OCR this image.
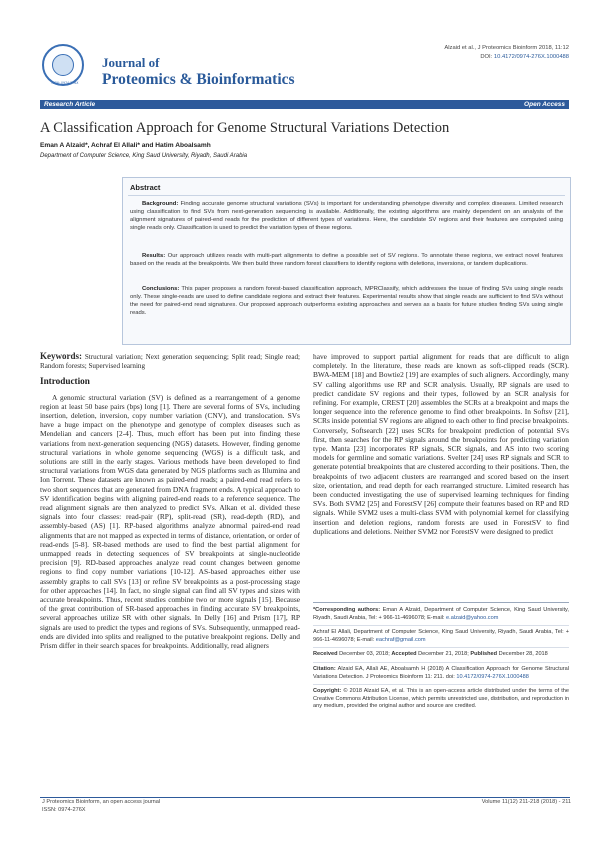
ISSN: 0974-276X
Journal of
Proteomics & Bioinformatics
Alzaid et al., J Proteomics Bioinform 2018, 11:12
DOI: 10.4172/0974-276X.1000488
Research Article	Open Access
A Classification Approach for Genome Structural Variations Detection
Eman A Alzaid*, Achraf El Allali* and Hatim Aboalsamh
Department of Computer Science, King Saud University, Riyadh, Saudi Arabia
Abstract
Background: Finding accurate genome structural variations (SVs) is important for understanding phenotype diversity and complex diseases. Limited research using classification to find SVs from next-generation sequencing is available. Additionally, the existing algorithms are mainly dependent on an analysis of the alignment signatures of paired-end reads for the prediction of different types of variations. Here, the candidate SV regions and their features are computed using single reads only. Classification is used to predict the variation types of these regions.
Results: Our approach utilizes reads with multi-part alignments to define a possible set of SV regions. To annotate these regions, we extract novel features based on the reads at the breakpoints. We then build three random forest classifiers to identify regions with deletions, inversions, or tandem duplications.
Conclusions: This paper proposes a random forest-based classification approach, MPRClassify, which addresses the issue of finding SVs using single reads only. These single-reads are used to define candidate regions and extract their features. Experimental results show that single reads are sufficient to find SVs without the need for paired-end read signatures. Our proposed approach outperforms existing approaches and serves as a basis for future studies finding SVs using single reads.
Keywords: Structural variation; Next generation sequencing; Split read; Single read; Random forests; Supervised learning
Introduction

A genomic structural variation (SV) is defined as a rearrangement of a genome region at least 50 base pairs (bps) long [1]. There are several forms of SVs, including insertion, deletion, inversion, copy number variation (CNV), and translocation. SVs have a huge impact on the phenotype and genotype of complex diseases such as Mendelian and cancers [2-4]. Thus, much effort has been put into finding these variations from next-generation sequencing (NGS) datasets. However, finding genome structural variations in whole genome sequencing (WGS) is a difficult task, and solutions are still in the early stages. Various methods have been developed to find structural variations from WGS data generated by NGS platforms such as Illumina and Ion Torrent. These datasets are known as paired-end reads; a paired-end read refers to two short sequences that are generated from DNA fragment ends. A typical approach to SV identification begins with aligning paired-end reads to a reference sequence. The read alignment signals are then analyzed to predict SVs. Alkan et al. divided these signals into four classes: read-pair (RP), split-read (SR), read-depth (RD), and assembly-based (AS) [1]. RP-based algorithms analyze abnormal paired-end read alignments that are not mapped as expected in terms of distance, orientation, or order of read-ends [5-8]. SR-based methods are used to find the best partial alignment for unmapped reads in detecting sequences of SV breakpoints at single-nucleotide precision [9]. RD-based approaches analyze read count changes between genome regions to find copy number variations [10-12]. AS-based approaches either use assembly graphs to call SVs [13] or refine SV breakpoints as a post-processing stage for other approaches [14]. In fact, no single signal can find all SV types and sizes with accurate breakpoints. Thus, recent studies combine two or more signals [15]. Because of the great contribution of SR-based approaches in finding accurate SV breakpoints, several approaches utilize SR with other signals. In Delly [16] and Prism [17], RP signals are used to predict the types and regions of SVs. Subsequently, unmapped read-ends are divided into splits and realigned to the putative breakpoint regions. Delly and Prism differ in their search spaces for breakpoints. Additionally, read aligners

have improved to support partial alignment for reads that are difficult to align completely. In the literature, these reads are known as soft-clipped reads (SCR). BWA-MEM [18] and Bowtie2 [19] are examples of such aligners. Accordingly, many SV calling algorithms use RP and SCR analysis. Usually, RP signals are used to predict candidate SV regions and their types, followed by an SCR analysis for refining. For example, CREST [20] assembles the SCRs at a breakpoint and maps the longer sequence into the reference genome to find other breakpoints. In Softsv [21], SCRs inside potential SV regions are aligned to each other to find precise breakpoints. Conversely, Softsearch [22] uses SCRs for breakpoint prediction of potential SVs first, then searches for the RP signals around the breakpoints for predicting variation type. Manta [23] incorporates RP signals, SCR signals, and AS into two scoring models for germline and somatic variations. Svelter [24] uses RP signals and SCR to generate potential breakpoints that are clustered according to their positions. Then, the breakpoints of two adjacent clusters are rearranged and scored based on the insert size, orientation, and read depth for each rearranged structure. Limited research has been conducted investigating the use of supervised learning techniques for finding SVs. Both SVM2 [25] and ForestSV [26] compute their features based on RP and RD signals. While SVM2 uses a multi-class SVM with polynomial kernel for classifying insertion and deletion regions, random forests are used in ForestSV to find duplications and deletions. Neither SVM2 nor ForestSV were designed to predict

*Corresponding authors: Eman A Alzaid, Department of Computer Science, King Saud University, Riyadh, Saudi Arabia, Tel: + 966-11-4696078; E-mail: e.alzaid@yahoo.com
Achraf El Allali, Department of Computer Science, King Saud University, Riyadh, Saudi Arabia, Tel: + 966-11-4696078; E-mail: eachraf@gmail.com
Received December 03, 2018; Accepted December 21, 2018; Published December 28, 2018
Citation: Alzaid EA, Allali AE, Aboalsamh H (2018) A Classification Approach for Genome Structural Variations Detection. J Proteomics Bioinform 11: 211. doi: 10.4172/0974-276X.1000488
Copyright: © 2018 Alzaid EA, et al. This is an open-access article distributed under the terms of the Creative Commons Attribution License, which permits unrestricted use, distribution, and reproduction in any medium, provided the original author and source are credited.
J Proteomics Bioinform, an open access journal
ISSN: 0974-276X
Volume 11(12) 211-218 (2018) - 211
